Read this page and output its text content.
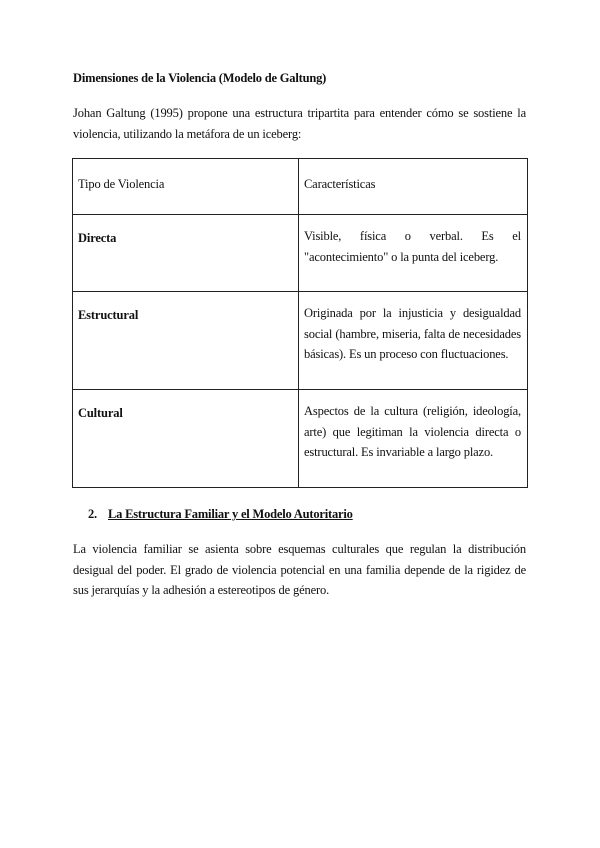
Dimensiones de la Violencia (Modelo de Galtung)
Johan Galtung (1995) propone una estructura tripartita para entender cómo se sostiene la violencia, utilizando la metáfora de un iceberg:
Tipo de Violencia	Características
Directa	Visible, física o verbal. Es el "acontecimiento" o la punta del iceberg.
Estructural	Originada por la injusticia y desigualdad social (hambre, miseria, falta de necesidades básicas). Es un proceso con fluctuaciones.
Cultural	Aspectos de la cultura (religión, ideología, arte) que legitiman la violencia directa o estructural. Es invariable a largo plazo.
2. La Estructura Familiar y el Modelo Autoritario
La violencia familiar se asienta sobre esquemas culturales que regulan la distribución desigual del poder. El grado de violencia potencial en una familia depende de la rigidez de sus jerarquías y la adhesión a estereotipos de género.
